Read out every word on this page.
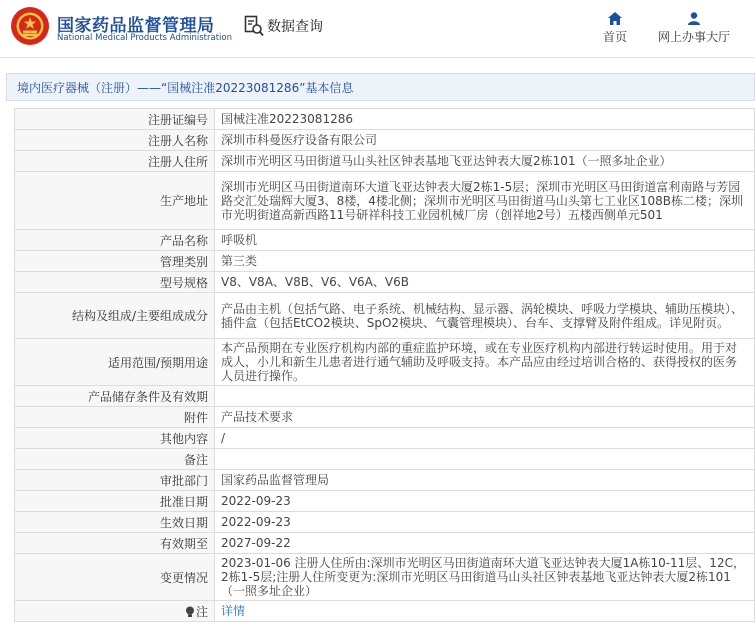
国家药品监督管理局
National Medical Products Administration
数据查询
首页	网上办事大厅
境内医疗器械（注册）——“国械注准20223081286”基本信息
注册证编号	国械注准20223081286
注册人名称	深圳市科曼医疗设备有限公司
注册人住所	深圳市光明区马田街道马山头社区钟表基地飞亚达钟表大厦2栋101（一照多址企业）
生产地址	深圳市光明区马田街道南环大道飞亚达钟表大厦2栋1-5层；深圳市光明区马田街道富利南路与芳园路交汇处瑞辉大厦3、8楼，4楼北侧；深圳市光明区马田街道马山头第七工业区108B栋二楼；深圳市光明街道高新西路11号研祥科技工业园机械厂房（创祥地2号）五楼西侧单元501
产品名称	呼吸机
管理类别	第三类
型号规格	V8、V8A、V8B、V6、V6A、V6B
结构及组成/主要组成成分	产品由主机（包括气路、电子系统、机械结构、显示器、涡轮模块、呼吸力学模块、辅助压模块）、插件盒（包括EtCO2模块、SpO2模块、气囊管理模块）、台车、支撑臂及附件组成。详见附页。
适用范围/预期用途	本产品预期在专业医疗机构内部的重症监护环境，或在专业医疗机构内部进行转运时使用。用于对成人，小儿和新生儿患者进行通气辅助及呼吸支持。本产品应由经过培训合格的、获得授权的医务人员进行操作。
产品储存条件及有效期	
附件	产品技术要求
其他内容	/
备注	
审批部门	国家药品监督管理局
批准日期	2022-09-23
生效日期	2022-09-23
有效期至	2027-09-22
变更情况	2023-01-06 注册人住所由:深圳市光明区马田街道南环大道飞亚达钟表大厦1A栋10-11层、12C，2栋1-5层;注册人住所变更为:深圳市光明区马田街道马山头社区钟表基地飞亚达钟表大厦2栋101（一照多址企业）
注	详情
